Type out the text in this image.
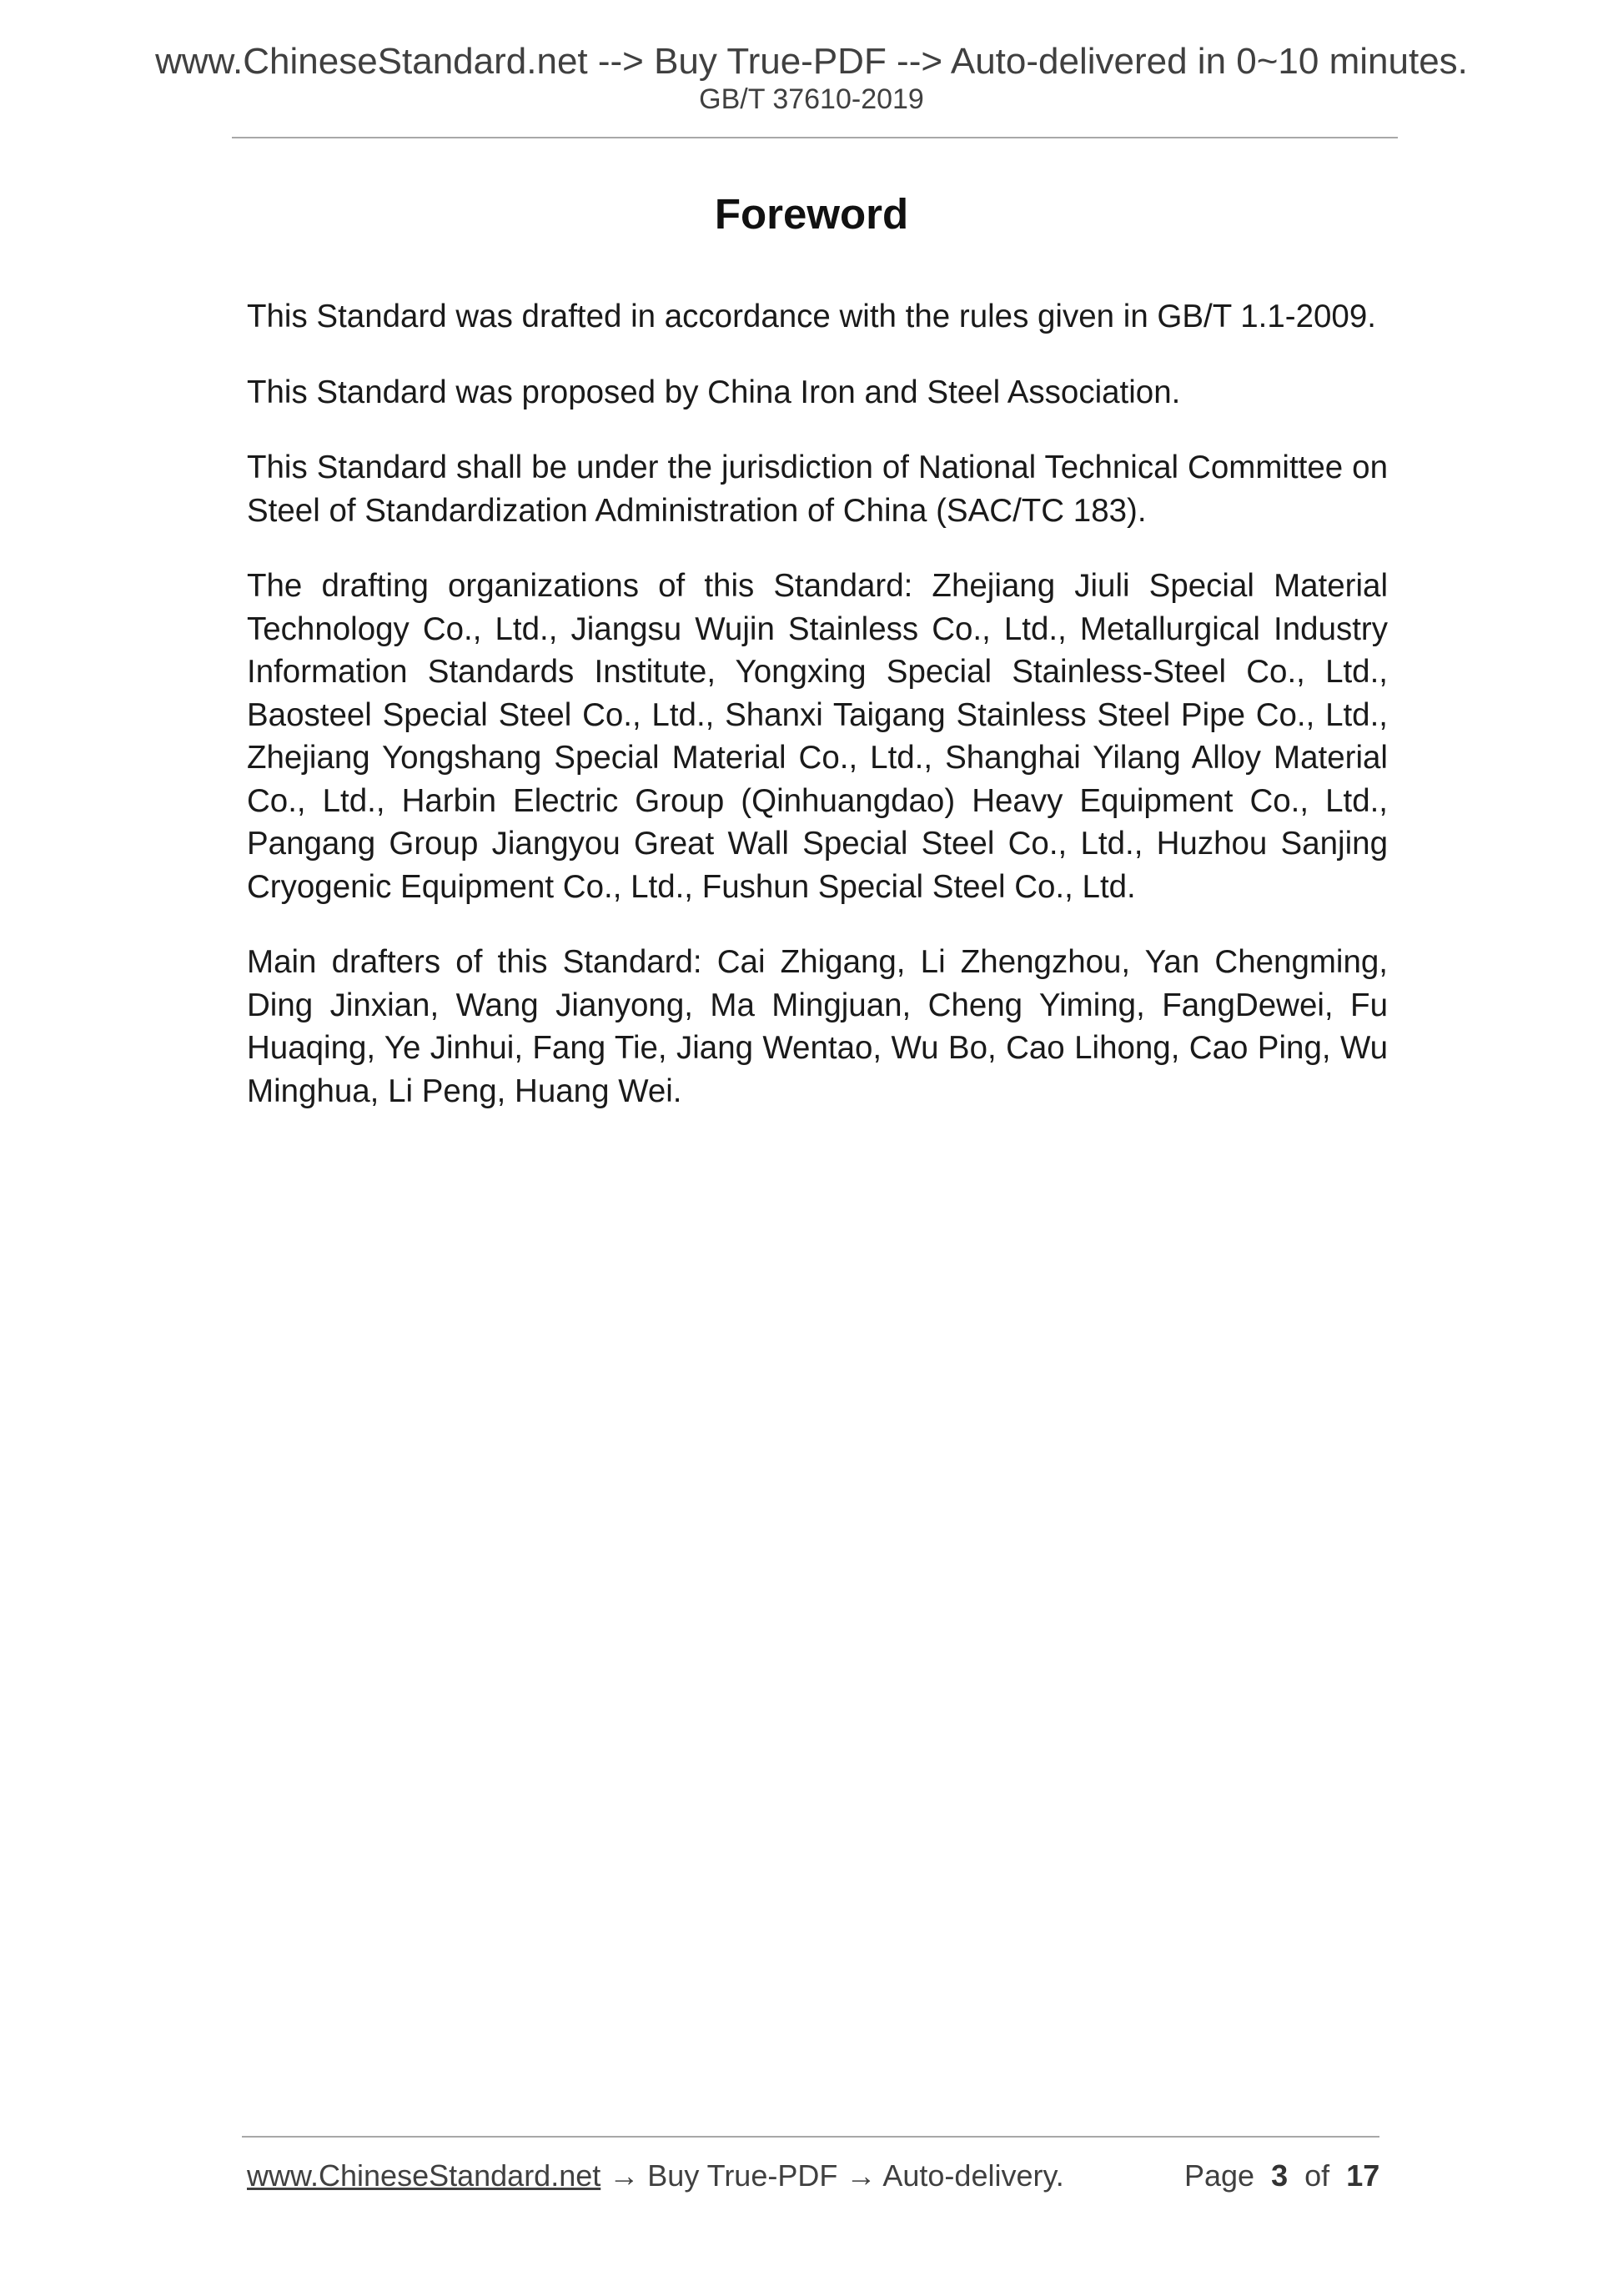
www.ChineseStandard.net --> Buy True-PDF --> Auto-delivered in 0~10 minutes.
GB/T 37610-2019
Foreword

This Standard was drafted in accordance with the rules given in GB/T 1.1-2009.

This Standard was proposed by China Iron and Steel Association.

This Standard shall be under the jurisdiction of National Technical Committee on Steel of Standardization Administration of China (SAC/TC 183).

The drafting organizations of this Standard: Zhejiang Jiuli Special Material Technology Co., Ltd., Jiangsu Wujin Stainless Co., Ltd., Metallurgical Industry Information Standards Institute, Yongxing Special Stainless-Steel Co., Ltd., Baosteel Special Steel Co., Ltd., Shanxi Taigang Stainless Steel Pipe Co., Ltd., Zhejiang Yongshang Special Material Co., Ltd., Shanghai Yilang Alloy Material Co., Ltd., Harbin Electric Group (Qinhuangdao) Heavy Equipment Co., Ltd., Pangang Group Jiangyou Great Wall Special Steel Co., Ltd., Huzhou Sanjing Cryogenic Equipment Co., Ltd., Fushun Special Steel Co., Ltd.

Main drafters of this Standard: Cai Zhigang, Li Zhengzhou, Yan Chengming, Ding Jinxian, Wang Jianyong, Ma Mingjuan, Cheng Yiming, FangDewei, Fu Huaqing, Ye Jinhui, Fang Tie, Jiang Wentao, Wu Bo, Cao Lihong, Cao Ping, Wu Minghua, Li Peng, Huang Wei.

www.ChineseStandard.net → Buy True-PDF → Auto-delivery.	Page 3 of 17
